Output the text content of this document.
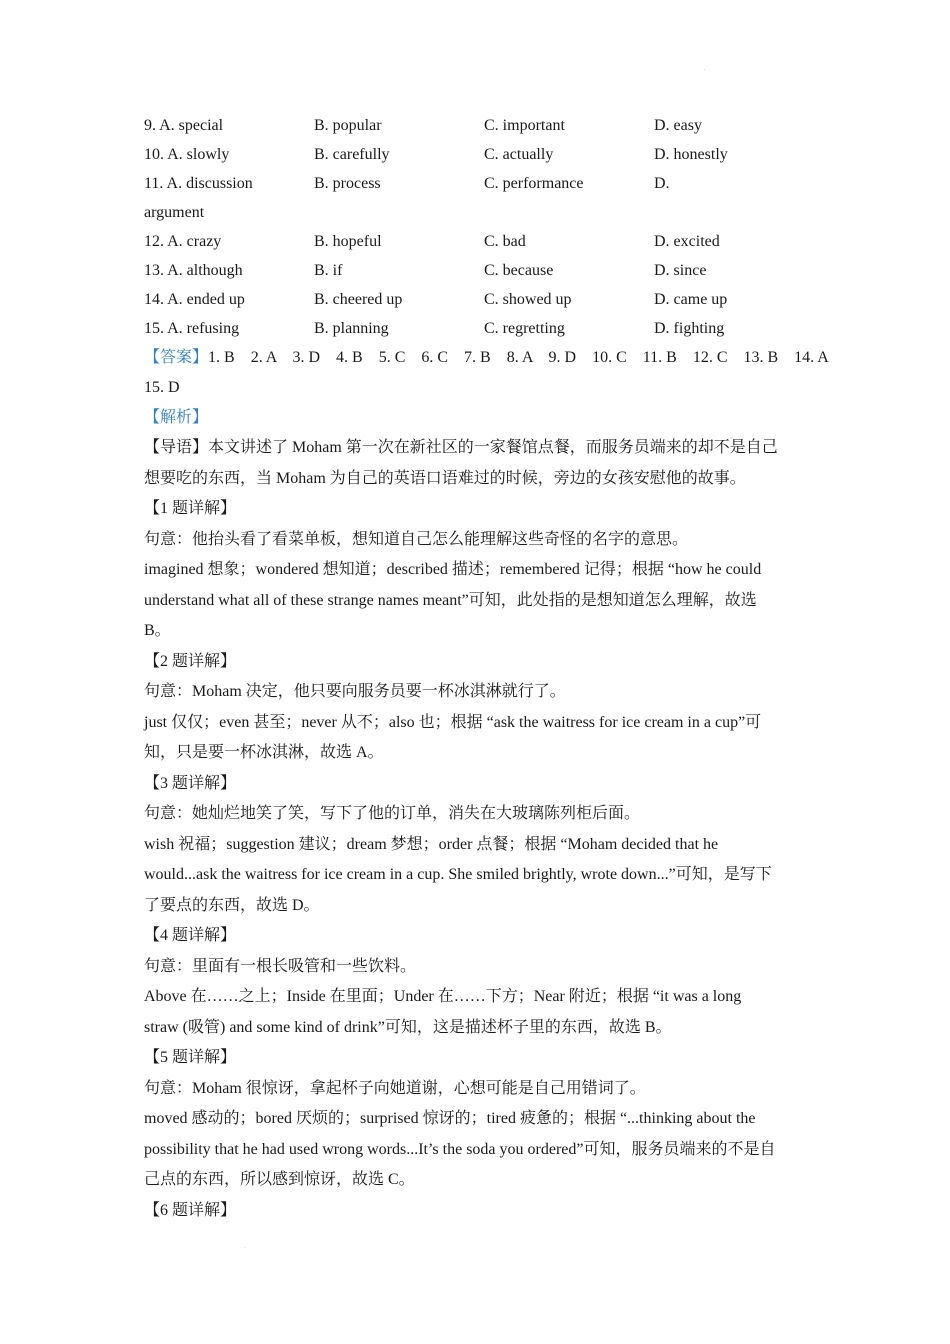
.
9. A. special	B. popular	C. important	D. easy
10. A. slowly	B. carefully	C. actually	D. honestly
11. A. discussion	B. process	C. performance	D.
argument
12. A. crazy	B. hopeful	C. bad	D. excited
13. A. although	B. if	C. because	D. since
14. A. ended up	B. cheered up	C. showed up	D. came up
15. A. refusing	B. planning	C. regretting	D. fighting
【答案】1. B    2. A    3. D    4. B    5. C    6. C    7. B    8. A    9. D    10. C    11. B    12. C    13. B    14. A
15. D
【解析】

【导语】本文讲述了 Moham 第一次在新社区的一家餐馆点餐，而服务员端来的却不是自己

想要吃的东西，当 Moham 为自己的英语口语难过的时候，旁边的女孩安慰他的故事。

【1 题详解】

句意：他抬头看了看菜单板，想知道自己怎么能理解这些奇怪的名字的意思。

imagined 想象；wondered 想知道；described 描述；remembered 记得；根据 “how he could

understand what all of these strange names meant”可知，此处指的是想知道怎么理解，故选

B。

【2 题详解】

句意：Moham 决定，他只要向服务员要一杯冰淇淋就行了。

just 仅仅；even 甚至；never 从不；also 也；根据 “ask the waitress for ice cream in a cup”可

知，只是要一杯冰淇淋，故选 A。

【3 题详解】

句意：她灿烂地笑了笑，写下了他的订单，消失在大玻璃陈列柜后面。

wish 祝福；suggestion 建议；dream 梦想；order 点餐；根据 “Moham decided that he

would...ask the waitress for ice cream in a cup. She smiled brightly, wrote down...”可知，是写下

了要点的东西，故选 D。

【4 题详解】

句意：里面有一根长吸管和一些饮料。

Above 在……之上；Inside 在里面；Under 在……下方；Near 附近；根据 “it was a long

straw (吸管) and some kind of drink”可知，这是描述杯子里的东西，故选 B。

【5 题详解】

句意：Moham 很惊讶，拿起杯子向她道谢，心想可能是自己用错词了。

moved 感动的；bored 厌烦的；surprised 惊讶的；tired 疲惫的；根据 “...thinking about the

possibility that he had used wrong words...It’s the soda you ordered”可知，服务员端来的不是自

己点的东西，所以感到惊讶，故选 C。

【6 题详解】

.
